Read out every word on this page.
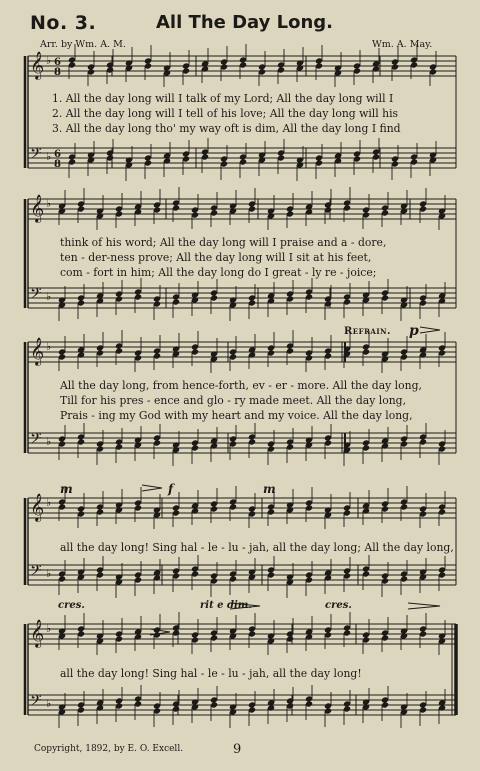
No. 3.	All The Day Long.
Arr. by Wm. A. M.	Wm. A. May.
𝄞 ♭ 6
8
𝄢 ♭ 6
8
𝄞 ♭
𝄢 ♭
𝄞 ♭
𝄢 ♭
𝄞 ♭
𝄢 ♭
𝄞 ♭
𝄢 ♭
1. All the day long will I talk of my Lord; All the day long will I
2. All the day long will I tell of his love; All the day long will his
3. All the day long tho' my way oft is dim, All the day long I find
think of his word; All the day long will I praise and a - dore,
ten - der-ness prove; All the day long will I sit at his feet,
com - fort in him; All the day long do I great - ly re - joice;
Refrain. p
All the day long, from hence-forth, ev - er - more. All the day long,
Till for his pres - ence and glo - ry made meet. All the day long,
Prais - ing my God with my heart and my voice. All the day long,
m	f	m
all the day long! Sing hal - le - lu - jah, all the day long; All the day long,
cres.	rit e dim.	cres.
all the day long! Sing hal - le - lu - jah, all the day long!
Copyright, 1892, by E. O. Excell.	9
